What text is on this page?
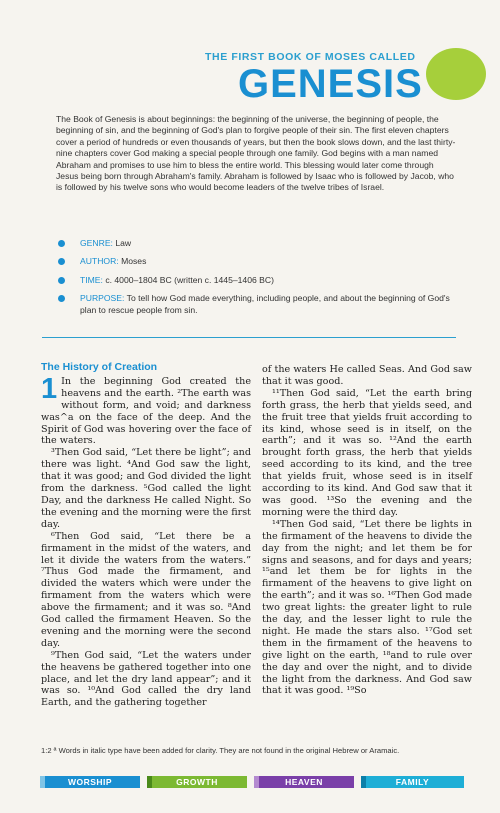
THE FIRST BOOK OF MOSES CALLED
GENESIS

The Book of Genesis is about beginnings: the beginning of the universe, the beginning of people, the beginning of sin, and the beginning of God's plan to forgive people of their sin. The first eleven chapters cover a period of hundreds or even thousands of years, but then the book slows down, and the last thirty-nine chapters cover God making a special people through one family. God begins with a man named Abraham and promises to use him to bless the entire world. This blessing would later come through Jesus being born through Abraham's family. Abraham is followed by Isaac who is followed by Jacob, who is followed by his twelve sons who would become leaders of the twelve tribes of Israel.

GENRE: Law
AUTHOR: Moses
TIME: c. 4000–1804 BC (written c. 1445–1406 BC)
PURPOSE: To tell how God made everything, including people, and about the beginning of God's plan to rescue people from sin.
The History of Creation
1 In the beginning God created the heavens and the earth. ²The earth was without form, and void; and darkness was^a on the face of the deep. And the Spirit of God was hovering over the face of the waters.

³Then God said, “Let there be light”; and there was light. ⁴And God saw the light, that it was good; and God divided the light from the darkness. ⁵God called the light Day, and the darkness He called Night. So the evening and the morning were the first day.

⁶Then God said, “Let there be a firmament in the midst of the waters, and let it divide the waters from the waters.” ⁷Thus God made the firmament, and divided the waters which were under the firmament from the waters which were above the firmament; and it was so. ⁸And God called the firmament Heaven. So the evening and the morning were the second day.

⁹Then God said, “Let the waters under the heavens be gathered together into one place, and let the dry land appear”; and it was so. ¹⁰And God called the dry land Earth, and the gathering together

of the waters He called Seas. And God saw that it was good.

¹¹Then God said, “Let the earth bring forth grass, the herb that yields seed, and the fruit tree that yields fruit according to its kind, whose seed is in itself, on the earth”; and it was so. ¹²And the earth brought forth grass, the herb that yields seed according to its kind, and the tree that yields fruit, whose seed is in itself according to its kind. And God saw that it was good. ¹³So the evening and the morning were the third day.

¹⁴Then God said, “Let there be lights in the firmament of the heavens to divide the day from the night; and let them be for signs and seasons, and for days and years; ¹⁵and let them be for lights in the firmament of the heavens to give light on the earth”; and it was so. ¹⁶Then God made two great lights: the greater light to rule the day, and the lesser light to rule the night. He made the stars also. ¹⁷God set them in the firmament of the heavens to give light on the earth, ¹⁸and to rule over the day and over the night, and to divide the light from the darkness. And God saw that it was good. ¹⁹So

1:2 ª Words in italic type have been added for clarity. They are not found in the original Hebrew or Aramaic.
WORSHIP	GROWTH	HEAVEN	FAMILY
